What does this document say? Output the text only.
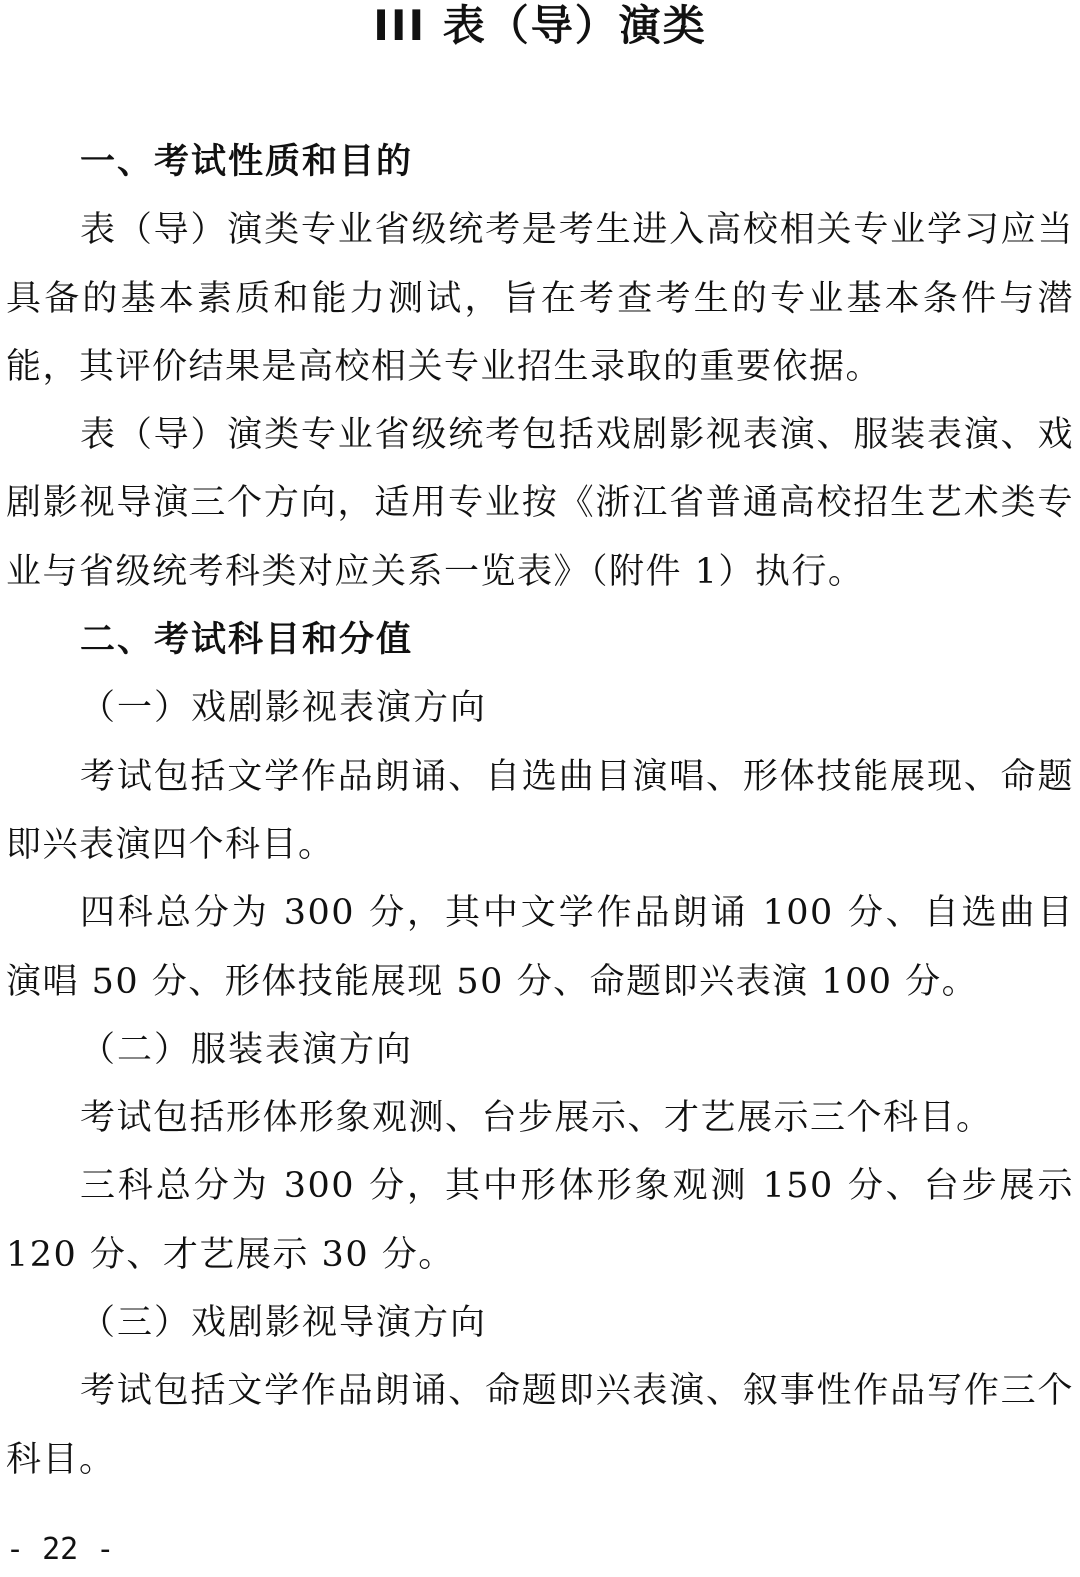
III 表（导）演类

一、考试性质和目的

表（导）演类专业省级统考是考生进入高校相关专业学习应当具备的基本素质和能力测试，旨在考查考生的专业基本条件与潜能，其评价结果是高校相关专业招生录取的重要依据。

表（导）演类专业省级统考包括戏剧影视表演、服装表演、戏剧影视导演三个方向，适用专业按《浙江省普通高校招生艺术类专业与省级统考科类对应关系一览表》（附件 1）执行。

二、考试科目和分值

（一）戏剧影视表演方向

考试包括文学作品朗诵、自选曲目演唱、形体技能展现、命题即兴表演四个科目。

四科总分为 300 分，其中文学作品朗诵 100 分、自选曲目演唱 50 分、形体技能展现 50 分、命题即兴表演 100 分。

（二）服装表演方向

考试包括形体形象观测、台步展示、才艺展示三个科目。

三科总分为 300 分，其中形体形象观测 150 分、台步展示 120 分、才艺展示 30 分。

（三）戏剧影视导演方向

考试包括文学作品朗诵、命题即兴表演、叙事性作品写作三个科目。

- 22 -
